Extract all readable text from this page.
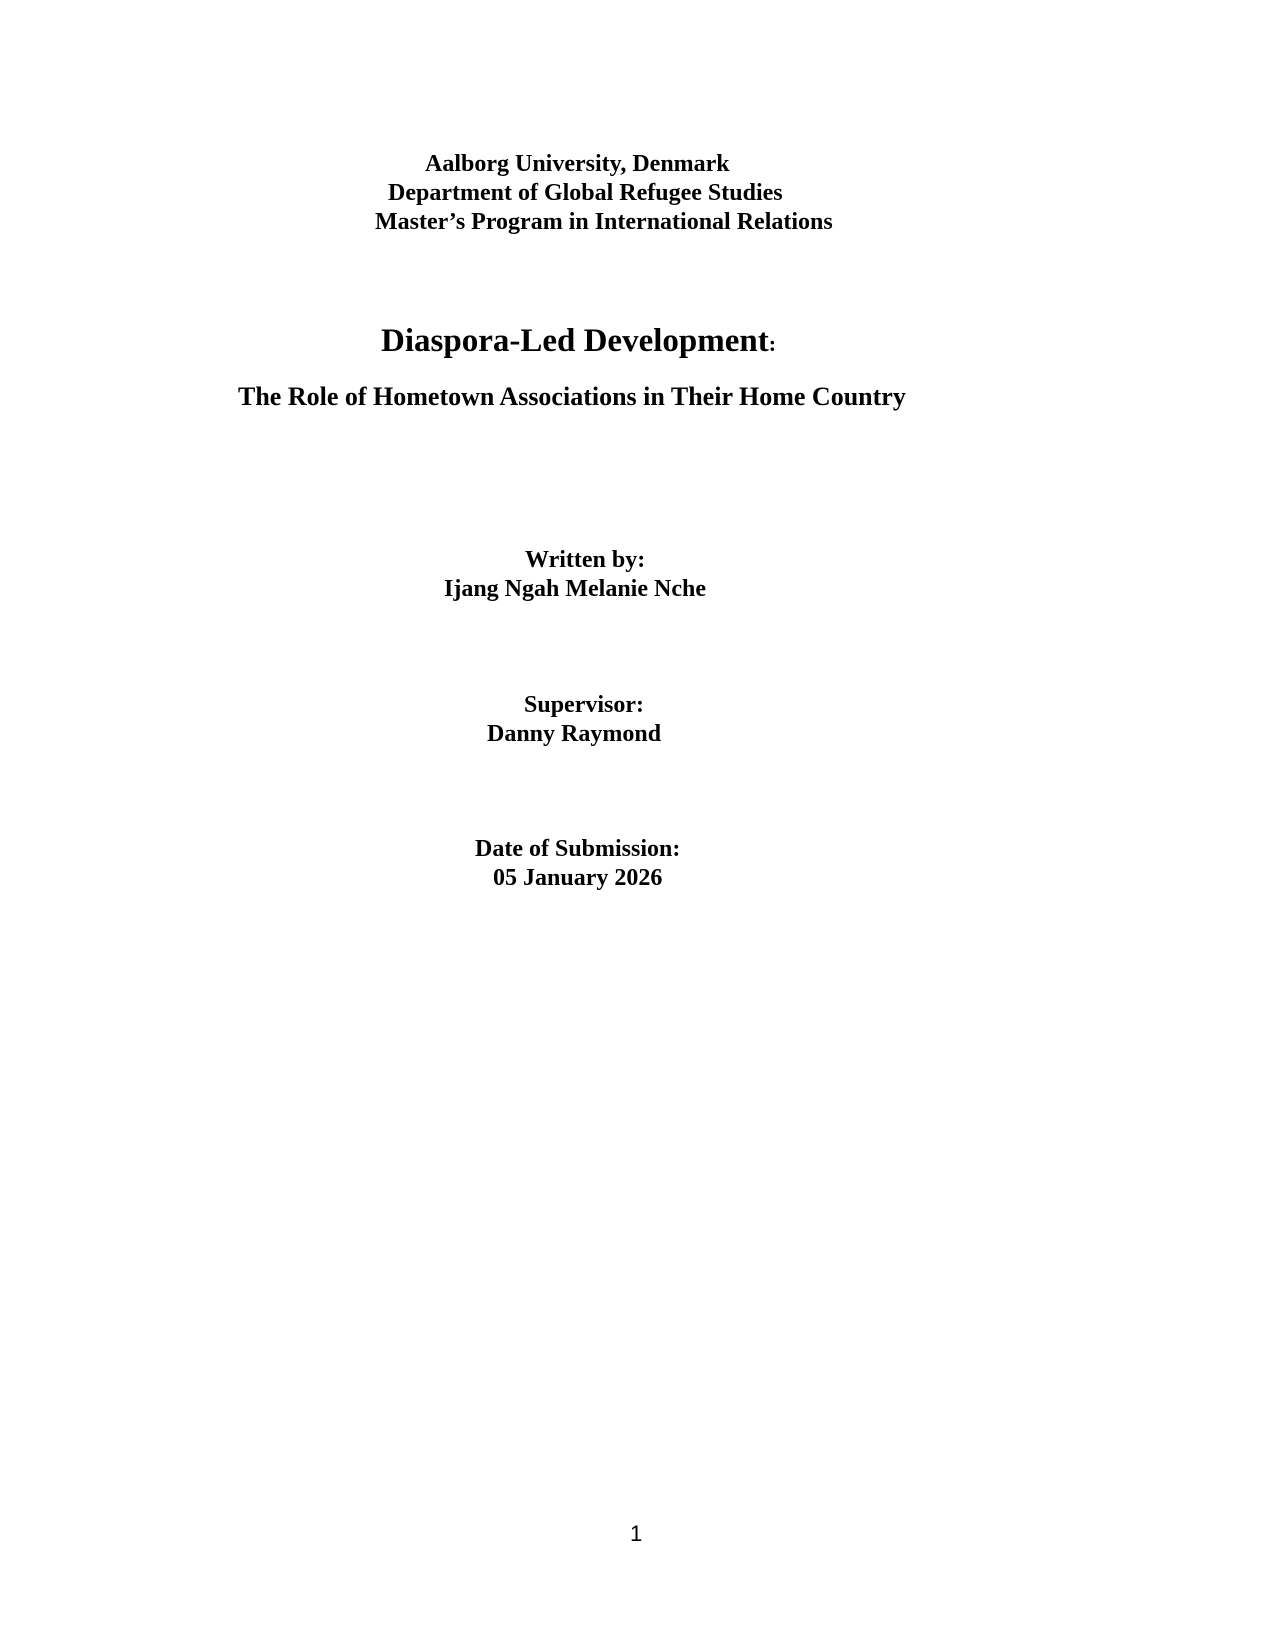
Aalborg University, Denmark
Department of Global Refugee Studies
Master’s Program in International Relations
Diaspora-Led Development:
The Role of Hometown Associations in Their Home Country
Written by:
Ijang Ngah Melanie Nche
Supervisor:
Danny Raymond
Date of Submission:
05 January 2026
1
